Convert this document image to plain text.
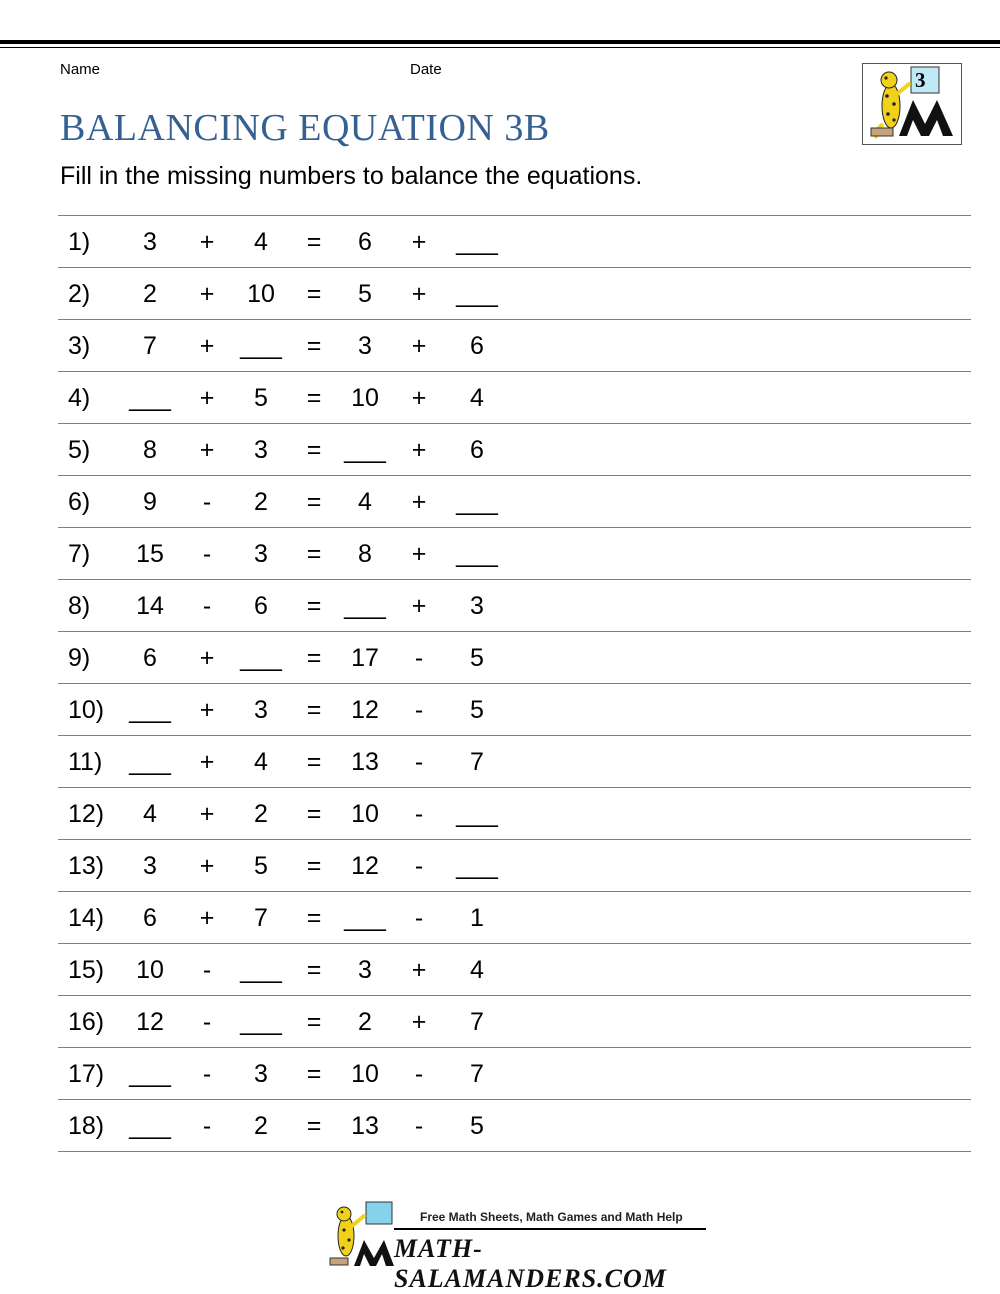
Name	Date
BALANCING EQUATION 3B
Fill in the missing numbers to balance the equations.
3
1)	3	+	4	=	6	+	___
2)	2	+	10	=	5	+	___
3)	7	+	___ =	3	+	6
4)	___	+	5	=	10	+	4
5)	8	+	3	= ___	+	6
6)	9	-	2	=	4	+	___
7)	15	-	3	=	8	+	___
8)	14	-	6	= ___	+	3
9)	6	+	___ =	17	-	5
10)	___	+	3	=	12	-	5
11)	___	+	4	=	13	-	7
12)	4	+	2	=	10	-	___
13)	3	+	5	=	12	-	___
14)	6	+	7	= ___	-	1
15)	10	-	___ =	3	+	4
16)	12	-	___ =	2	+	7
17)	___	-	3	=	10	-	7
18)	___	-	2	=	13	-	5
Free Math Sheets, Math Games and Math Help
MATH-SALAMANDERS.COM
